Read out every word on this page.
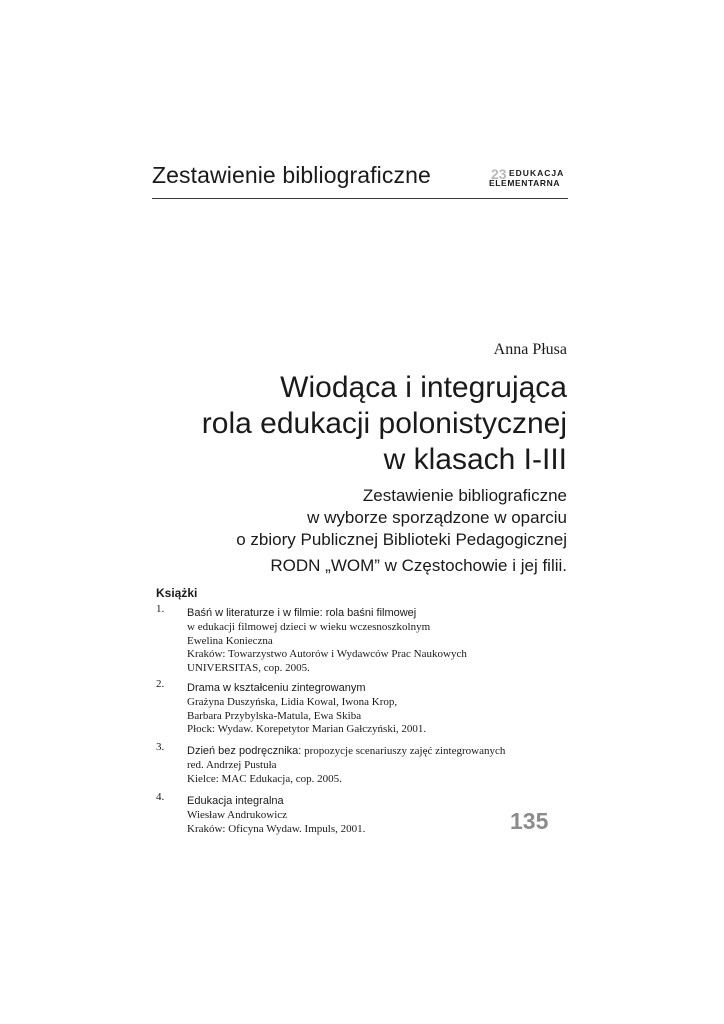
Zestawienie bibliograficzne	23 EDUKACJA
ELEMENTARNA
Anna Płusa
Wiodąca i integrująca
rola edukacji polonistycznej
w klasach I-III
Zestawienie bibliograficzne
w wyborze sporządzone w oparciu
o zbiory Publicznej Biblioteki Pedagogicznej
RODN „WOM” w Częstochowie i jej filii.
Książki
1. Baśń w literaturze i w filmie: rola baśni filmowej
w edukacji filmowej dzieci w wieku wczesnoszkolnym
Ewelina Konieczna
Kraków: Towarzystwo Autorów i Wydawców Prac Naukowych
UNIVERSITAS, cop. 2005.
2. Drama w kształceniu zintegrowanym
Grażyna Duszyńska, Lidia Kowal, Iwona Krop,
Barbara Przybylska-Matula, Ewa Skiba
Płock: Wydaw. Korepetytor Marian Gałczyński, 2001.
3. Dzień bez podręcznika: propozycje scenariuszy zajęć zintegrowanych
red. Andrzej Pustuła
Kielce: MAC Edukacja, cop. 2005.
4. Edukacja integralna
Wiesław Andrukowicz
Kraków: Oficyna Wydaw. Impuls, 2001.	135
